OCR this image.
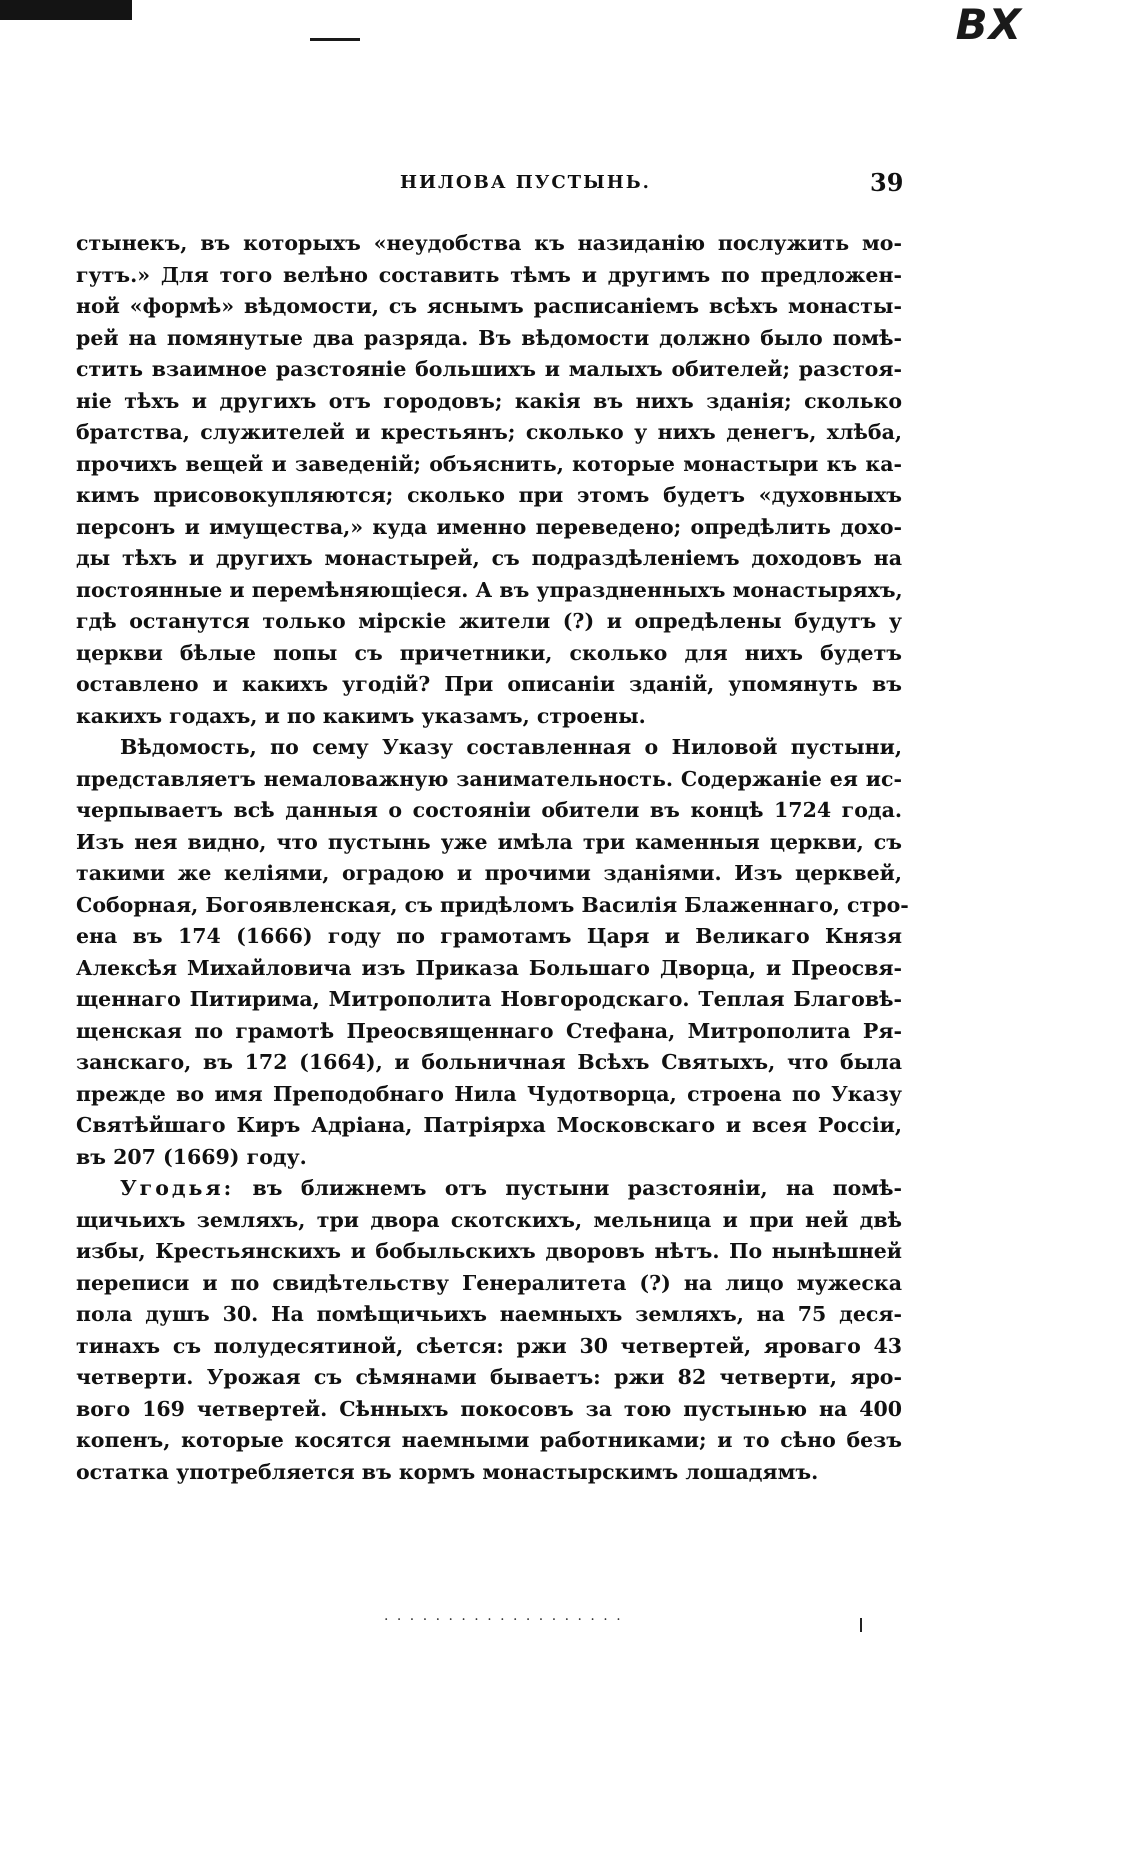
ВХ
НИЛОВА ПУСТЫНЬ.	39
стынекъ, въ которыхъ «неудобства къ назиданію послужить мо-
гутъ.» Для того велѣно составить тѣмъ и другимъ по предложен-
ной «формѣ» вѣдомости, съ яснымъ расписаніемъ всѣхъ монасты-
рей на помянутые два разряда. Въ вѣдомости должно было помѣ-
стить взаимное разстояніе большихъ и малыхъ обителей; разстоя-
ніе тѣхъ и другихъ отъ городовъ; какія въ нихъ зданія; сколько
братства, служителей и крестьянъ; сколько у нихъ денегъ, хлѣба,
прочихъ вещей и заведеній; объяснить, которые монастыри къ ка-
кимъ присовокупляются; сколько при этомъ будетъ «духовныхъ
персонъ и имущества,» куда именно переведено; опредѣлить дохо-
ды тѣхъ и другихъ монастырей, съ подраздѣленіемъ доходовъ на
постоянные и перемѣняющіеся. А въ упраздненныхъ монастыряхъ,
гдѣ останутся только мірскіе жители (?) и опредѣлены будутъ у
церкви бѣлые попы съ причетники, сколько для нихъ будетъ
оставлено и какихъ угодій? При описаніи зданій, упомянуть въ
какихъ годахъ, и по какимъ указамъ, строены.
Вѣдомость, по сему Указу составленная о Ниловой пустыни,
представляетъ немаловажную занимательность. Содержаніе ея ис-
черпываетъ всѣ данныя о состояніи обители въ концѣ 1724 года.
Изъ нея видно, что пустынь уже имѣла три каменныя церкви, съ
такими же келіями, оградою и прочими зданіями. Изъ церквей,
Соборная, Богоявленская, съ придѣломъ Василія Блаженнаго, стро-
ена въ 174 (1666) году по грамотамъ Царя и Великаго Князя
Алексѣя Михайловича изъ Приказа Большаго Дворца, и Преосвя-
щеннаго Питирима, Митрополита Новгородскаго. Теплая Благовѣ-
щенская по грамотѣ Преосвященнаго Стефана, Митрополита Ря-
занскаго, въ 172 (1664), и больничная Всѣхъ Святыхъ, что была
прежде во имя Преподобнаго Нила Чудотворца, строена по Указу
Святѣйшаго Киръ Адріана, Патріярха Московскаго и всея Россіи,
въ 207 (1669) году.
Угодья: въ ближнемъ отъ пустыни разстояніи, на помѣ-
щичьихъ земляхъ, три двора скотскихъ, мельница и при ней двѣ
избы, Крестьянскихъ и бобыльскихъ дворовъ нѣтъ. По нынѣшней
переписи и по свидѣтельству Генералитета (?) на лицо мужеска
пола душъ 30. На помѣщичьихъ наемныхъ земляхъ, на 75 деся-
тинахъ съ полудесятиной, сѣется: ржи 30 четвертей, яроваго 43
четверти. Урожая съ сѣмянами бываетъ: ржи 82 четверти, яро-
вого 169 четвертей. Сѣнныхъ покосовъ за тою пустынью на 400
копенъ, которые косятся наемными работниками; и то сѣно безъ
остатка употребляется въ кормъ монастырскимъ лошадямъ.
· · · · · · · · · · · · · · · · · · ·
